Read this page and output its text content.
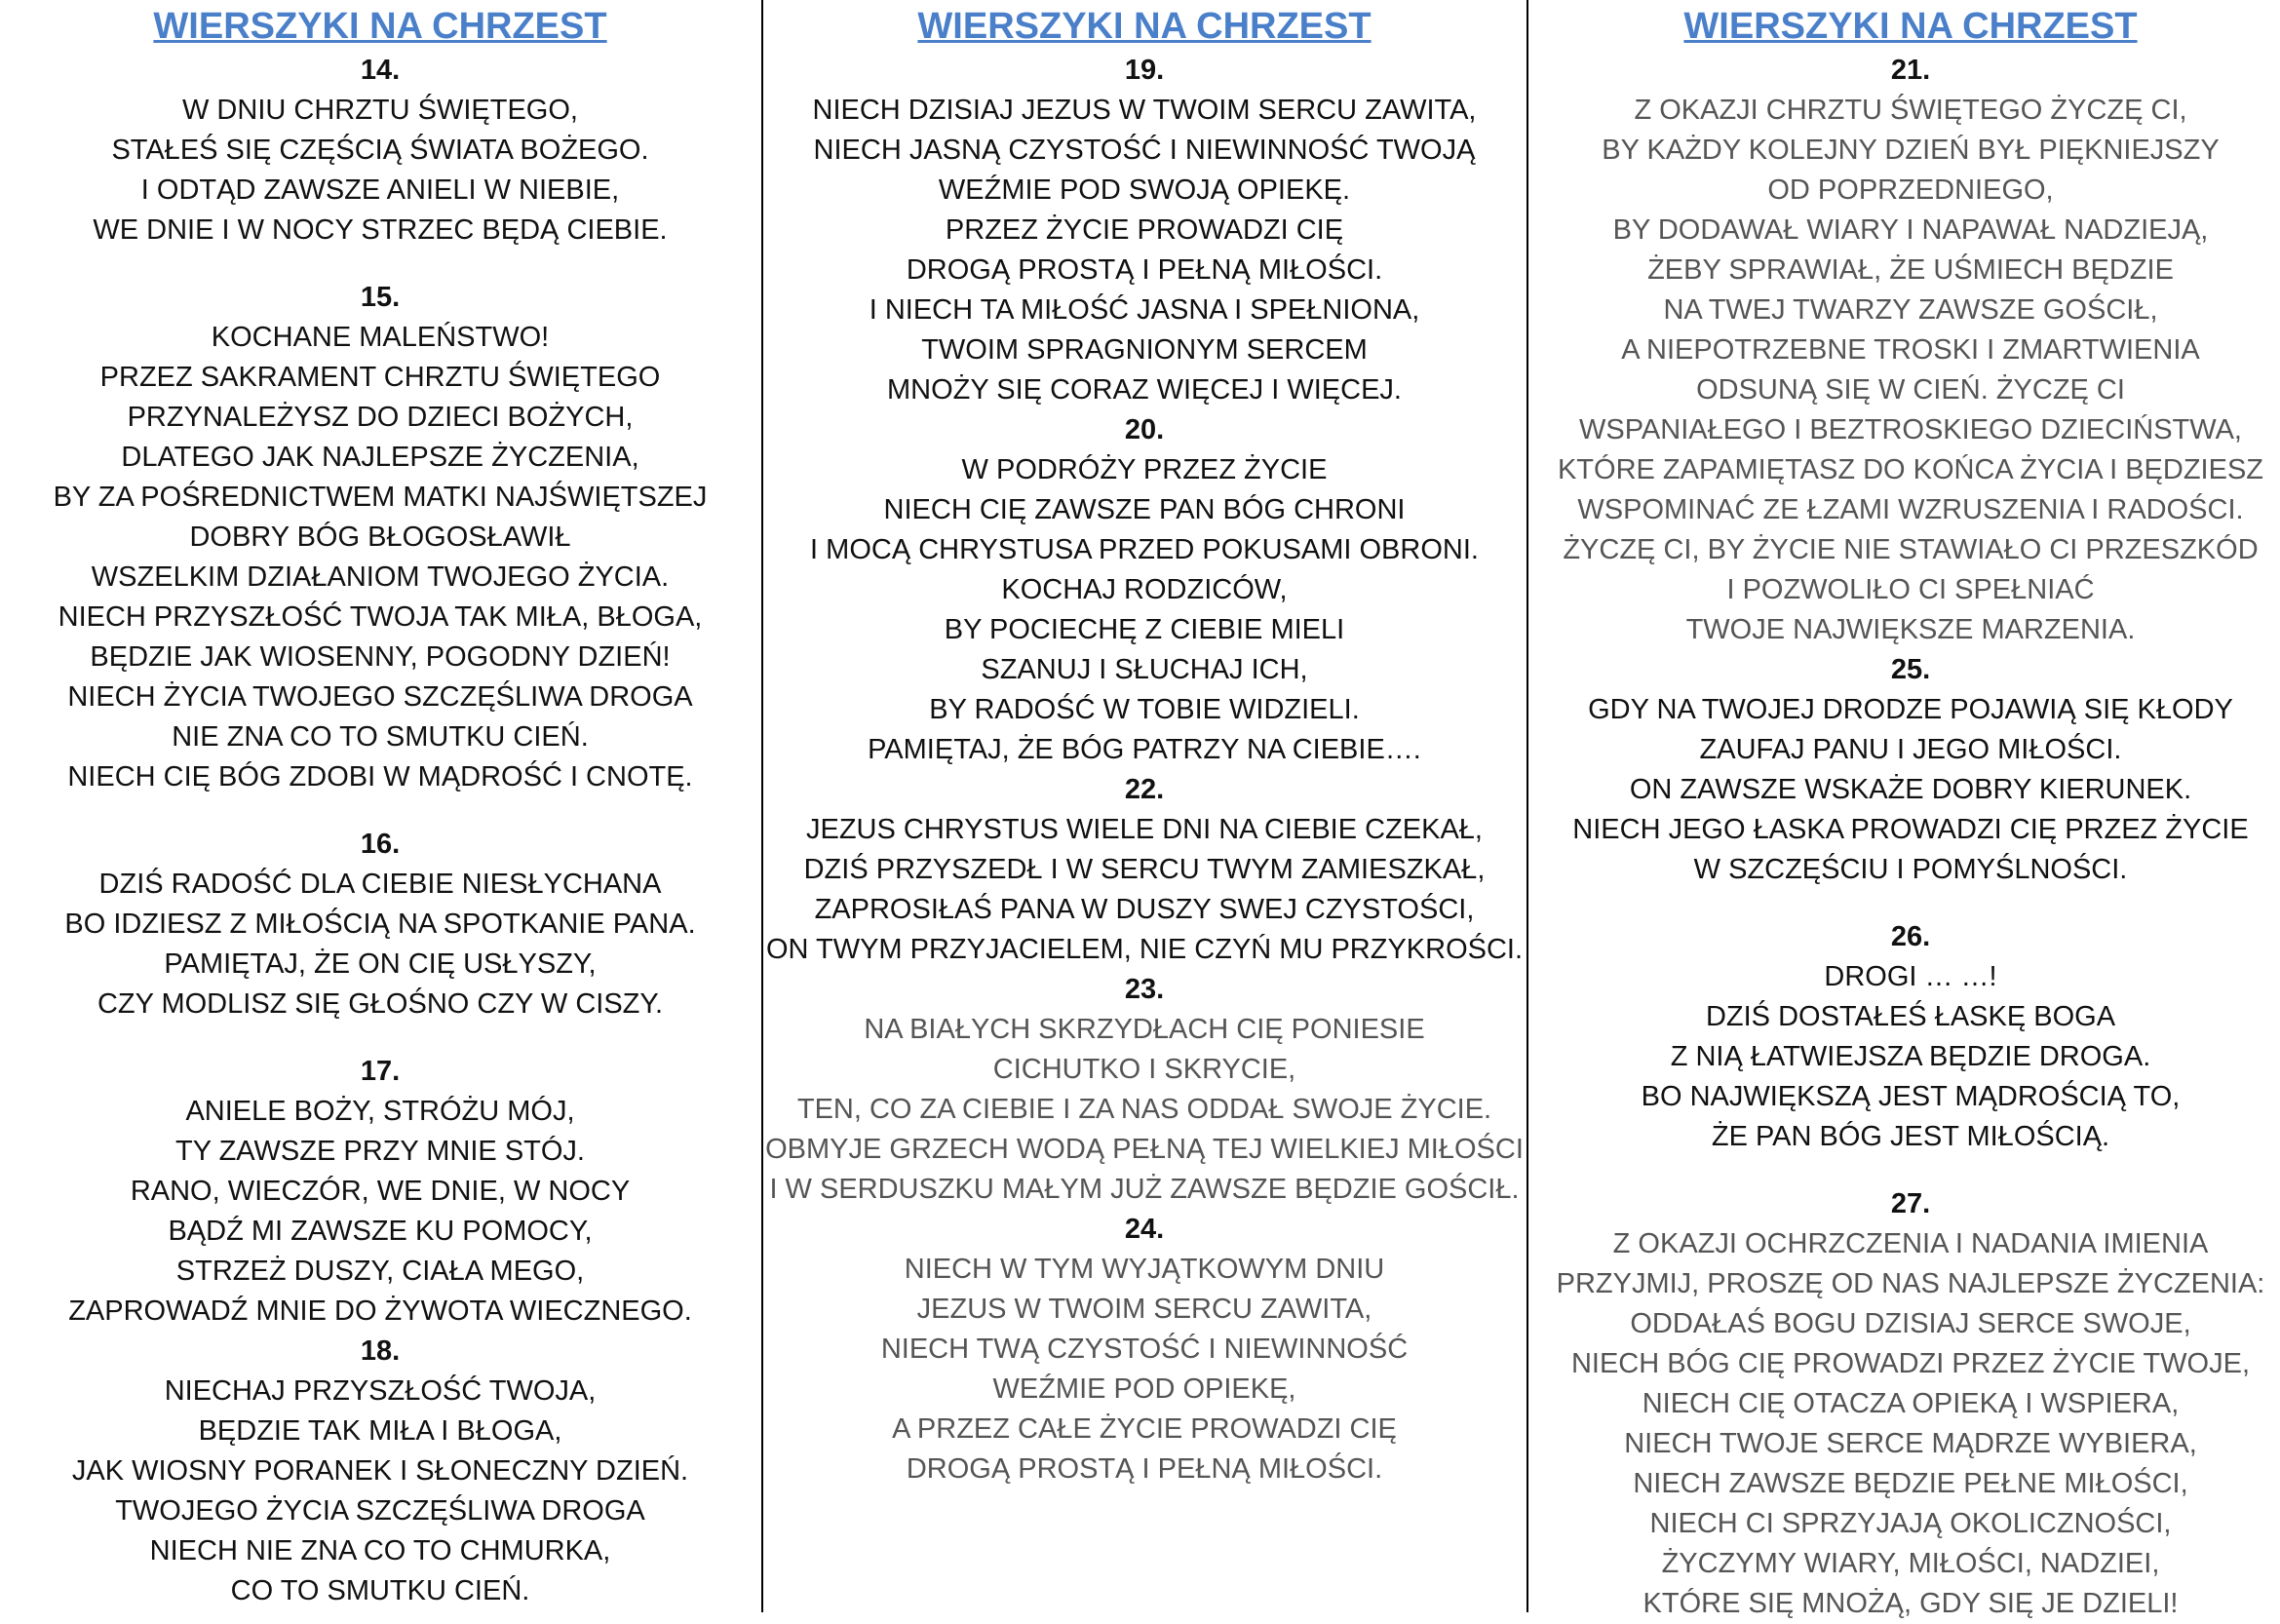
WIERSZYKI NA CHRZEST
14.
W DNIU CHRZTU ŚWIĘTEGO,
STAŁEŚ SIĘ CZĘŚCIĄ ŚWIATA BOŻEGO.
I ODTĄD ZAWSZE ANIELI W NIEBIE,
WE DNIE I W NOCY STRZEC BĘDĄ CIEBIE.
15.
KOCHANE MALEŃSTWO!
PRZEZ SAKRAMENT CHRZTU ŚWIĘTEGO
PRZYNALEŻYSZ DO DZIECI BOŻYCH,
DLATEGO JAK NAJLEPSZE ŻYCZENIA,
BY ZA POŚREDNICTWEM MATKI NAJŚWIĘTSZEJ
DOBRY BÓG BŁOGOSŁAWIŁ
WSZELKIM DZIAŁANIOM TWOJEGO ŻYCIA.
NIECH PRZYSZŁOŚĆ TWOJA TAK MIŁA, BŁOGA,
BĘDZIE JAK WIOSENNY, POGODNY DZIEŃ!
NIECH ŻYCIA TWOJEGO SZCZĘŚLIWA DROGA
NIE ZNA CO TO SMUTKU CIEŃ.
NIECH CIĘ BÓG ZDOBI W MĄDROŚĆ I CNOTĘ.
16.
DZIŚ RADOŚĆ DLA CIEBIE NIESŁYCHANA
BO IDZIESZ Z MIŁOŚCIĄ NA SPOTKANIE PANA.
PAMIĘTAJ, ŻE ON CIĘ USŁYSZY,
CZY MODLISZ SIĘ GŁOŚNO CZY W CISZY.
17.
ANIELE BOŻY, STRÓŻU MÓJ,
TY ZAWSZE PRZY MNIE STÓJ.
RANO, WIECZÓR, WE DNIE, W NOCY
BĄDŹ MI ZAWSZE KU POMOCY,
STRZEŻ DUSZY, CIAŁA MEGO,
ZAPROWADŹ MNIE DO ŻYWOTA WIECZNEGO.
18.
NIECHAJ PRZYSZŁOŚĆ TWOJA,
BĘDZIE TAK MIŁA I BŁOGA,
JAK WIOSNY PORANEK I SŁONECZNY DZIEŃ.
TWOJEGO ŻYCIA SZCZĘŚLIWA DROGA
NIECH NIE ZNA CO TO CHMURKA,
CO TO SMUTKU CIEŃ.
WIERSZYKI NA CHRZEST
19.
NIECH DZISIAJ JEZUS W TWOIM SERCU ZAWITA,
NIECH JASNĄ CZYSTOŚĆ I NIEWINNOŚĆ TWOJĄ
WEŹMIE POD SWOJĄ OPIEKĘ.
PRZEZ ŻYCIE PROWADZI CIĘ
DROGĄ PROSTĄ I PEŁNĄ MIŁOŚCI.
I NIECH TA MIŁOŚĆ JASNA I SPEŁNIONA,
TWOIM SPRAGNIONYM SERCEM
MNOŻY SIĘ CORAZ WIĘCEJ I WIĘCEJ.
20.
W PODRÓŻY PRZEZ ŻYCIE
NIECH CIĘ ZAWSZE PAN BÓG CHRONI
I MOCĄ CHRYSTUSA PRZED POKUSAMI OBRONI.
KOCHAJ RODZICÓW,
BY POCIECHĘ Z CIEBIE MIELI
SZANUJ I SŁUCHAJ ICH,
BY RADOŚĆ W TOBIE WIDZIELI.
PAMIĘTAJ, ŻE BÓG PATRZY NA CIEBIE….
22.
JEZUS CHRYSTUS WIELE DNI NA CIEBIE CZEKAŁ,
DZIŚ PRZYSZEDŁ I W SERCU TWYM ZAMIESZKAŁ,
ZAPROSIŁAŚ PANA W DUSZY SWEJ CZYSTOŚCI,
ON TWYM PRZYJACIELEM, NIE CZYŃ MU PRZYKROŚCI.
23.
NA BIAŁYCH SKRZYDŁACH CIĘ PONIESIE
CICHUTKO I SKRYCIE,
TEN, CO ZA CIEBIE I ZA NAS ODDAŁ SWOJE ŻYCIE.
OBMYJE GRZECH WODĄ PEŁNĄ TEJ WIELKIEJ MIŁOŚCI
I W SERDUSZKU MAŁYM JUŻ ZAWSZE BĘDZIE GOŚCIŁ.
24.
NIECH W TYM WYJĄTKOWYM DNIU
JEZUS W TWOIM SERCU ZAWITA,
NIECH TWĄ CZYSTOŚĆ I NIEWINNOŚĆ
WEŹMIE POD OPIEKĘ,
A PRZEZ CAŁE ŻYCIE PROWADZI CIĘ
DROGĄ PROSTĄ I PEŁNĄ MIŁOŚCI.
WIERSZYKI NA CHRZEST
21.
Z OKAZJI CHRZTU ŚWIĘTEGO ŻYCZĘ CI,
BY KAŻDY KOLEJNY DZIEŃ BYŁ PIĘKNIEJSZY
OD POPRZEDNIEGO,
BY DODAWAŁ WIARY I NAPAWAŁ NADZIEJĄ,
ŻEBY SPRAWIAŁ, ŻE UŚMIECH BĘDZIE
NA TWEJ TWARZY ZAWSZE GOŚCIŁ,
A NIEPOTRZEBNE TROSKI I ZMARTWIENIA
ODSUNĄ SIĘ W CIEŃ. ŻYCZĘ CI
WSPANIAŁEGO I BEZTROSKIEGO DZIECIŃSTWA,
KTÓRE ZAPAMIĘTASZ DO KOŃCA ŻYCIA I BĘDZIESZ
WSPOMINAĆ ZE ŁZAMI WZRUSZENIA I RADOŚCI.
ŻYCZĘ CI, BY ŻYCIE NIE STAWIAŁO CI PRZESZKÓD
I POZWOLIŁO CI SPEŁNIAĆ
TWOJE NAJWIĘKSZE MARZENIA.
25.
GDY NA TWOJEJ DRODZE POJAWIĄ SIĘ KŁODY
ZAUFAJ PANU I JEGO MIŁOŚCI.
ON ZAWSZE WSKAŻE DOBRY KIERUNEK.
NIECH JEGO ŁASKA PROWADZI CIĘ PRZEZ ŻYCIE
W SZCZĘŚCIU I POMYŚLNOŚCI.
26.
DROGI … …!
DZIŚ DOSTAŁEŚ ŁASKĘ BOGA
Z NIĄ ŁATWIEJSZA BĘDZIE DROGA.
BO NAJWIĘKSZĄ JEST MĄDROŚCIĄ TO,
ŻE PAN BÓG JEST MIŁOŚCIĄ.
27.
Z OKAZJI OCHRZCZENIA I NADANIA IMIENIA
PRZYJMIJ, PROSZĘ OD NAS NAJLEPSZE ŻYCZENIA:
ODDAŁAŚ BOGU DZISIAJ SERCE SWOJE,
NIECH BÓG CIĘ PROWADZI PRZEZ ŻYCIE TWOJE,
NIECH CIĘ OTACZA OPIEKĄ I WSPIERA,
NIECH TWOJE SERCE MĄDRZE WYBIERA,
NIECH ZAWSZE BĘDZIE PEŁNE MIŁOŚCI,
NIECH CI SPRZYJAJĄ OKOLICZNOŚCI,
ŻYCZYMY WIARY, MIŁOŚCI, NADZIEI,
KTÓRE SIĘ MNOŻĄ, GDY SIĘ JE DZIELI!
